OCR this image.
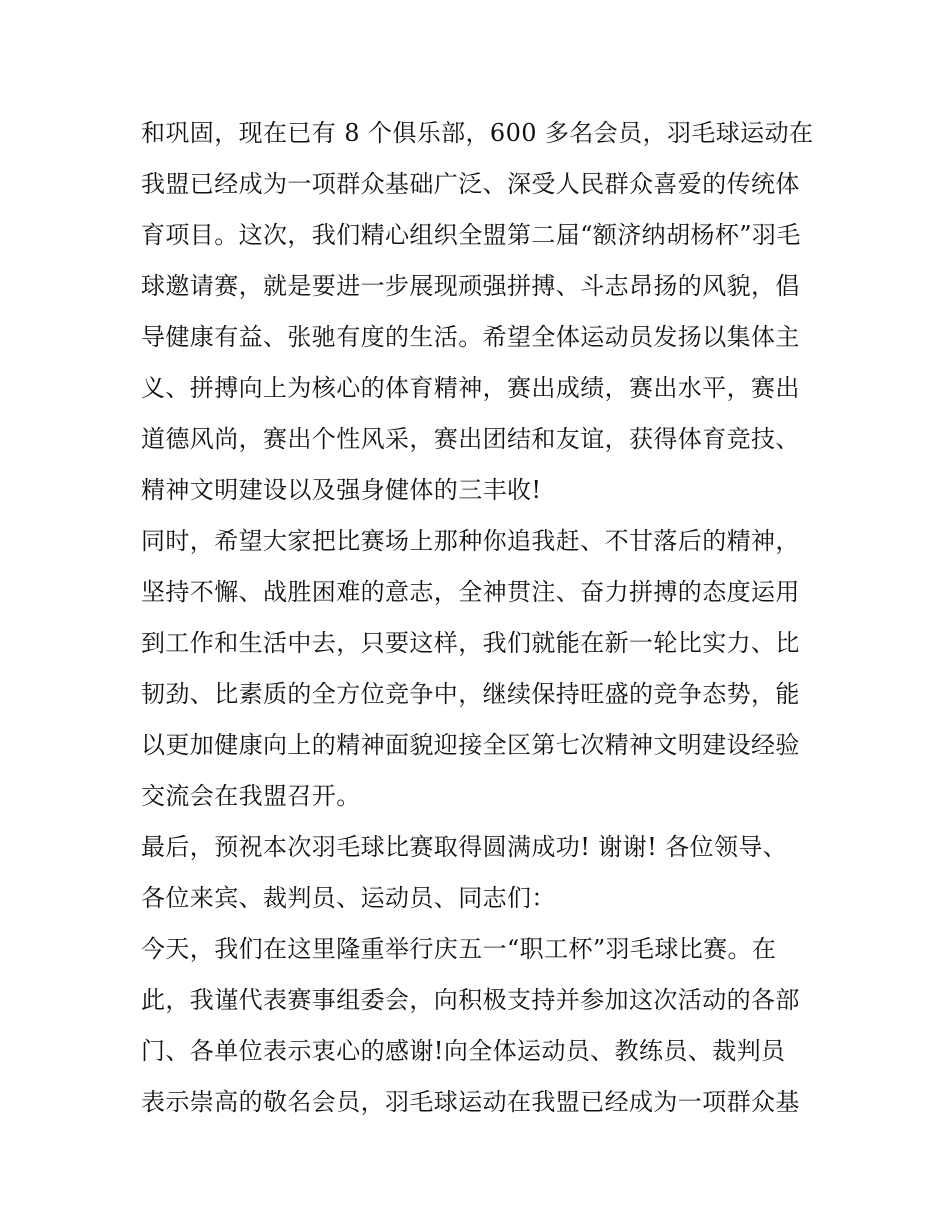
和巩固，现在已有 8 个俱乐部，600 多名会员，羽毛球运动在
我盟已经成为一项群众基础广泛、深受人民群众喜爱的传统体
育项目。这次，我们精心组织全盟第二届“额济纳胡杨杯”羽毛
球邀请赛，就是要进一步展现顽强拼搏、斗志昂扬的风貌，倡
导健康有益、张驰有度的生活。希望全体运动员发扬以集体主
义、拼搏向上为核心的体育精神，赛出成绩，赛出水平，赛出
道德风尚，赛出个性风采，赛出团结和友谊，获得体育竞技、
精神文明建设以及强身健体的三丰收!
同时，希望大家把比赛场上那种你追我赶、不甘落后的精神，
坚持不懈、战胜困难的意志，全神贯注、奋力拼搏的态度运用
到工作和生活中去，只要这样，我们就能在新一轮比实力、比
韧劲、比素质的全方位竞争中，继续保持旺盛的竞争态势，能
以更加健康向上的精神面貌迎接全区第七次精神文明建设经验
交流会在我盟召开。
最后，预祝本次羽毛球比赛取得圆满成功! 谢谢! 各位领导、
各位来宾、裁判员、运动员、同志们：
今天，我们在这里隆重举行庆五一“职工杯”羽毛球比赛。在
此，我谨代表赛事组委会，向积极支持并参加这次活动的各部
门、各单位表示衷心的感谢!向全体运动员、教练员、裁判员
表示崇高的敬名会员，羽毛球运动在我盟已经成为一项群众基
